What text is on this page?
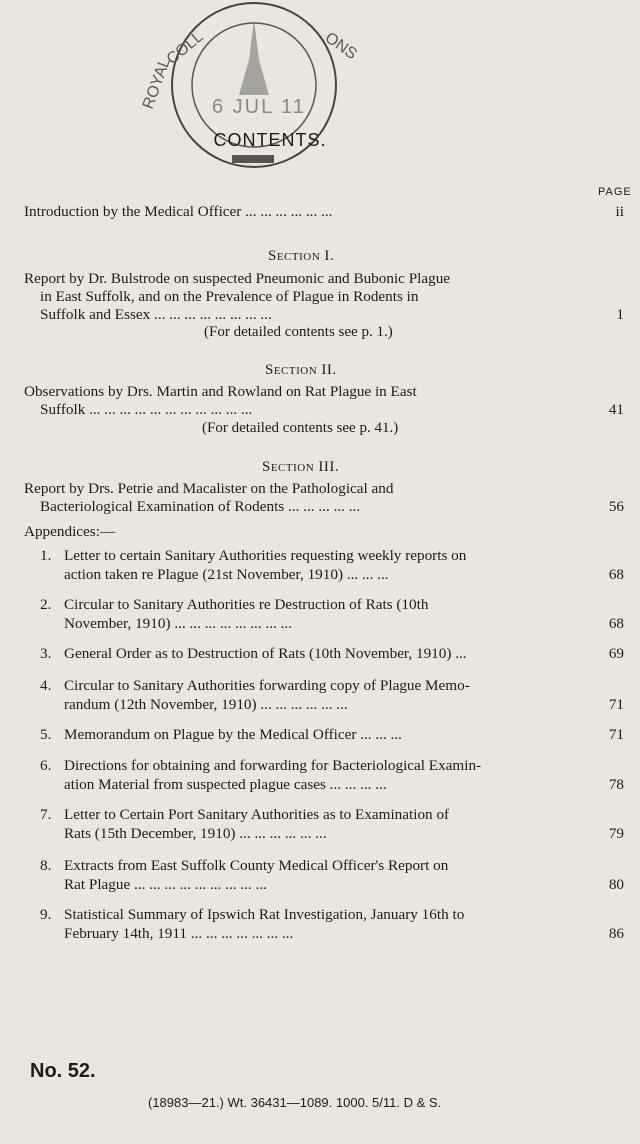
ROYAL
COLL	ONS
6 JUL 11
CONTENTS.
PAGE
Introduction by the Medical Officer ... ... ... ... ... ...	ii
Section I.
Report by Dr. Bulstrode on suspected Pneumonic and Bubonic Plague
in East Suffolk, and on the Prevalence of Plague in Rodents in
Suffolk and Essex ... ... ... ... ... ... ... ...	1
(For detailed contents see p. 1.)
Section II.
Observations by Drs. Martin and Rowland on Rat Plague in East
Suffolk ... ... ... ... ... ... ... ... ... ... ...	41
(For detailed contents see p. 41.)
Section III.
Report by Drs. Petrie and Macalister on the Pathological and
Bacteriological Examination of Rodents ... ... ... ... ...	56
Appendices:—
1. Letter to certain Sanitary Authorities requesting weekly reports on
action taken re Plague (21st November, 1910) ... ... ...	68
2. Circular to Sanitary Authorities re Destruction of Rats (10th
November, 1910) ... ... ... ... ... ... ... ...	68
3. General Order as to Destruction of Rats (10th November, 1910) ...	69
4. Circular to Sanitary Authorities forwarding copy of Plague Memo-
randum (12th November, 1910) ... ... ... ... ... ...	71
5. Memorandum on Plague by the Medical Officer ... ... ...	71
6. Directions for obtaining and forwarding for Bacteriological Examin-
ation Material from suspected plague cases ... ... ... ...	78
7. Letter to Certain Port Sanitary Authorities as to Examination of
Rats (15th December, 1910) ... ... ... ... ... ...	79
8. Extracts from East Suffolk County Medical Officer's Report on
Rat Plague ... ... ... ... ... ... ... ... ...	80
9. Statistical Summary of Ipswich Rat Investigation, January 16th to
February 14th, 1911 ... ... ... ... ... ... ...	86
No. 52.
(18983—21.) Wt. 36431—1089. 1000. 5/11. D & S.
